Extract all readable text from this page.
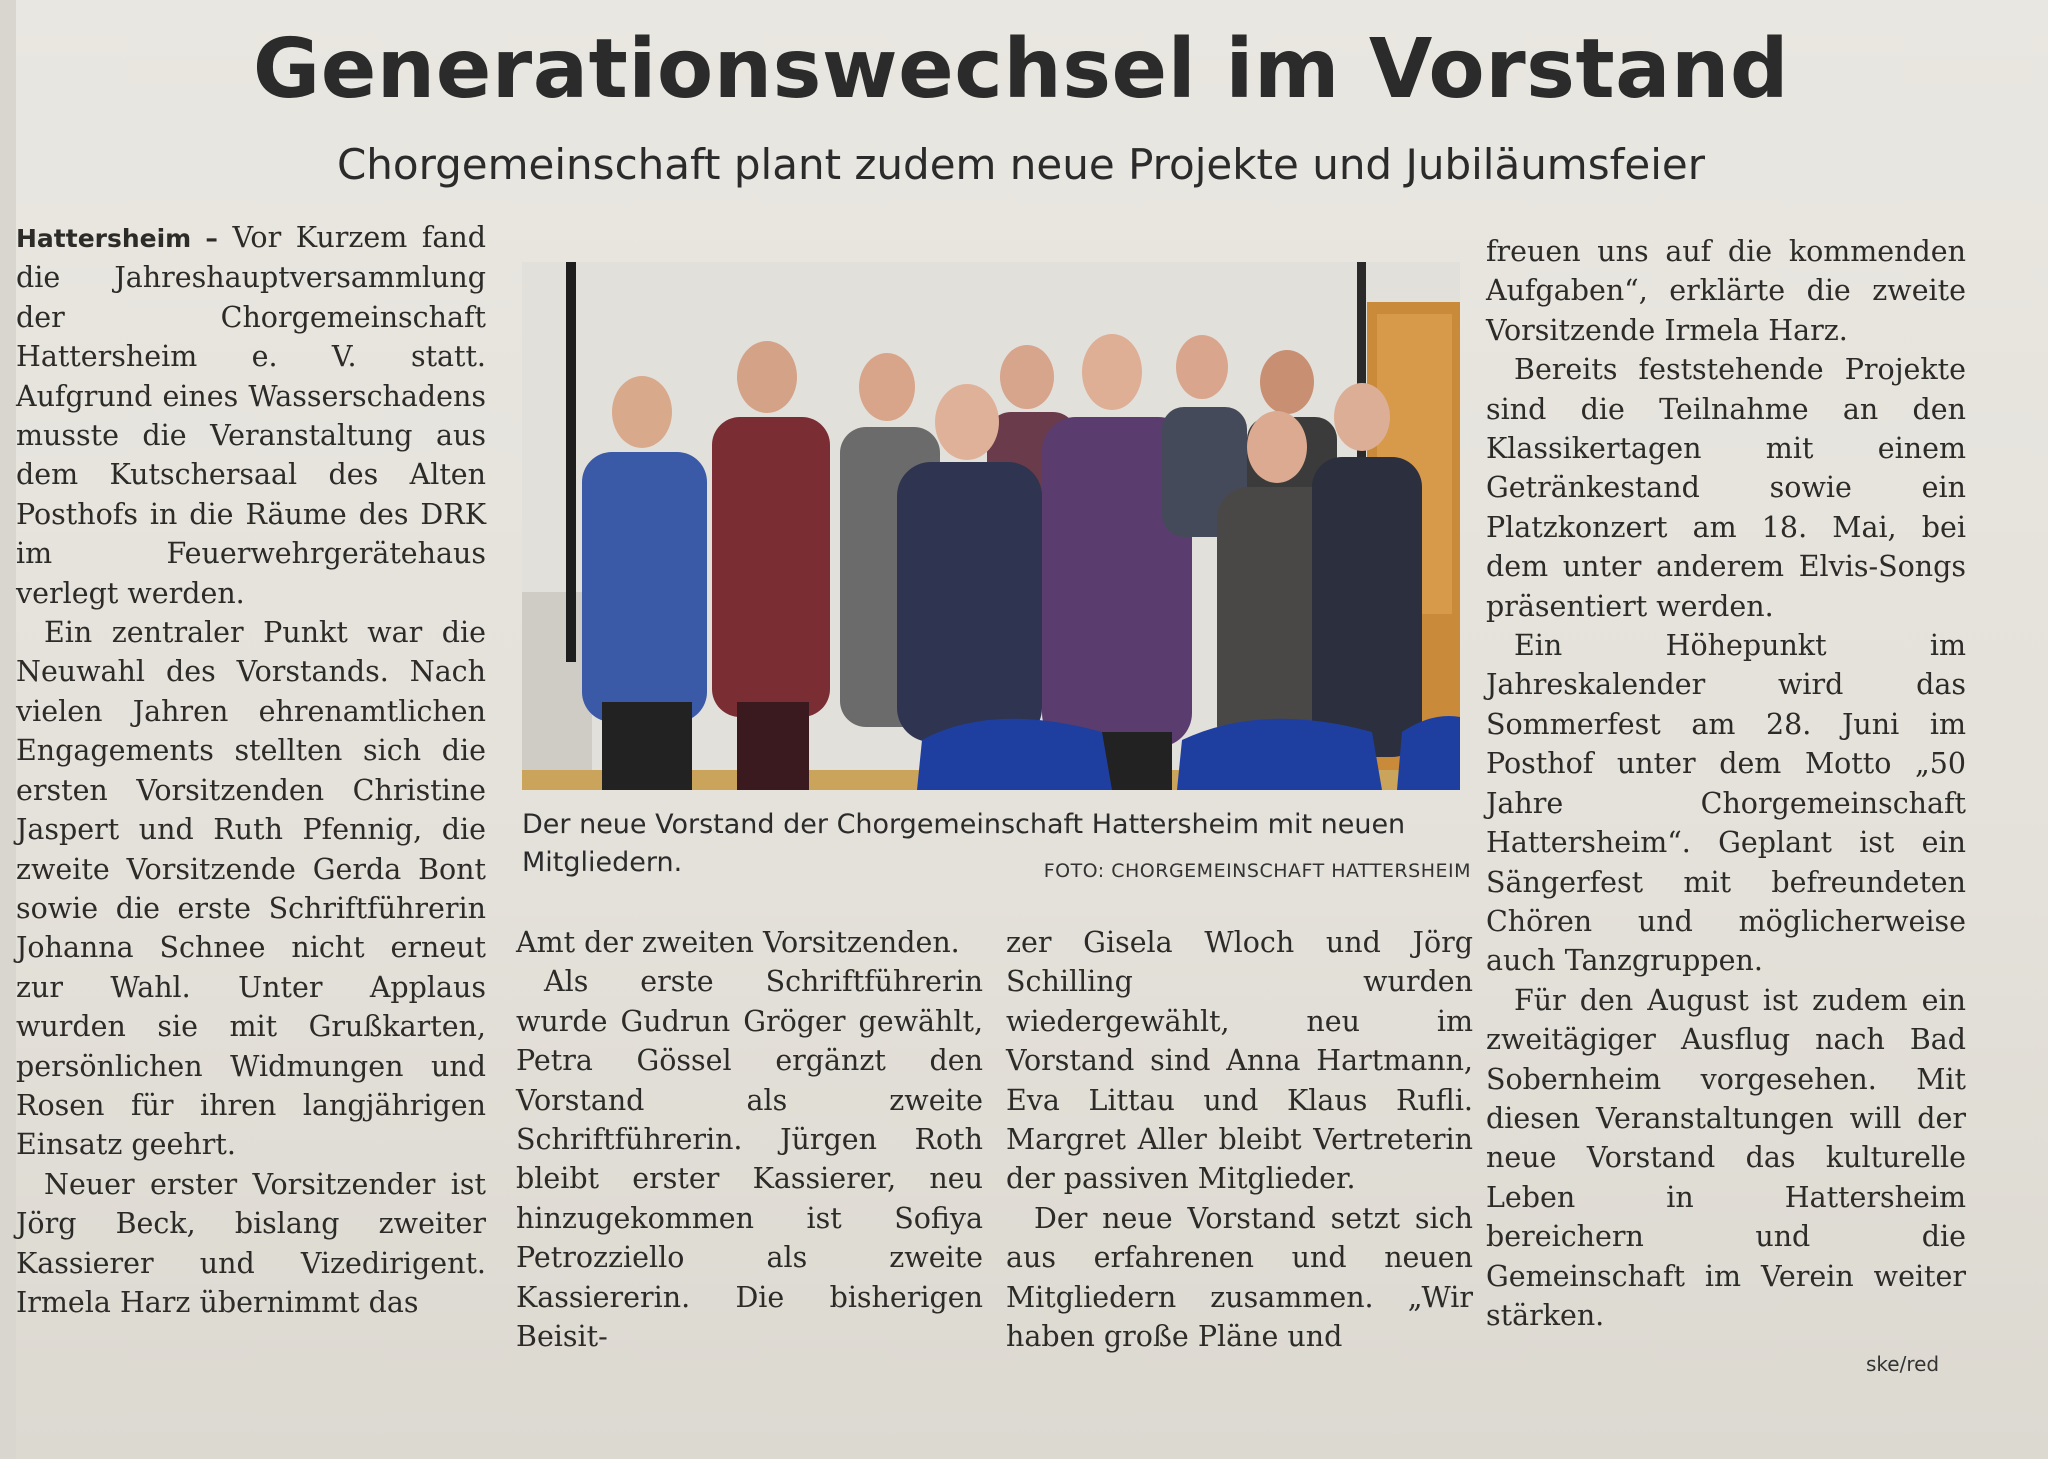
Generationswechsel im Vorstand
Chorgemeinschaft plant zudem neue Projekte und Jubiläumsfeier

Hattersheim – Vor Kurzem fand die Jahreshauptversammlung der Chorgemeinschaft Hattersheim e. V. statt. Aufgrund eines Wasserschadens musste die Veranstaltung aus dem Kutschersaal des Alten Posthofs in die Räume des DRK im Feuerwehrgerätehaus verlegt werden.

Ein zentraler Punkt war die Neuwahl des Vorstands. Nach vielen Jahren ehrenamtlichen Engagements stellten sich die ersten Vorsitzenden Christine Jaspert und Ruth Pfennig, die zweite Vorsitzende Gerda Bont sowie die erste Schriftführerin Johanna Schnee nicht erneut zur Wahl. Unter Applaus wurden sie mit Grußkarten, persönlichen Widmungen und Rosen für ihren langjährigen Einsatz geehrt.

Neuer erster Vorsitzender ist Jörg Beck, bislang zweiter Kassierer und Vizedirigent. Irmela Harz übernimmt das

Der neue Vorstand der Chorgemeinschaft Hattersheim mit neuen Mitgliedern.	FOTO: CHORGEMEINSCHAFT HATTERSHEIM

Amt der zweiten Vorsitzenden.

Als erste Schriftführerin wurde Gudrun Gröger gewählt, Petra Gössel ergänzt den Vorstand als zweite Schriftführerin. Jürgen Roth bleibt erster Kassierer, neu hinzugekommen ist Sofiya Petrozziello als zweite Kassiererin. Die bisherigen Beisit-

zer Gisela Wloch und Jörg Schilling wurden wiedergewählt, neu im Vorstand sind Anna Hartmann, Eva Littau und Klaus Rufli. Margret Aller bleibt Vertreterin der passiven Mitglieder.

Der neue Vorstand setzt sich aus erfahrenen und neuen Mitgliedern zusammen. „Wir haben große Pläne und

freuen uns auf die kommenden Aufgaben“, erklärte die zweite Vorsitzende Irmela Harz.

Bereits feststehende Projekte sind die Teilnahme an den Klassikertagen mit einem Getränkestand sowie ein Platzkonzert am 18. Mai, bei dem unter anderem Elvis-Songs präsentiert werden.

Ein Höhepunkt im Jahreskalender wird das Sommerfest am 28. Juni im Posthof unter dem Motto „50 Jahre Chorgemeinschaft Hattersheim“. Geplant ist ein Sängerfest mit befreundeten Chören und möglicherweise auch Tanzgruppen.

Für den August ist zudem ein zweitägiger Ausflug nach Bad Sobernheim vorgesehen. Mit diesen Veranstaltungen will der neue Vorstand das kulturelle Leben in Hattersheim bereichern und die Gemeinschaft im Verein weiter stärken.

ske/red
